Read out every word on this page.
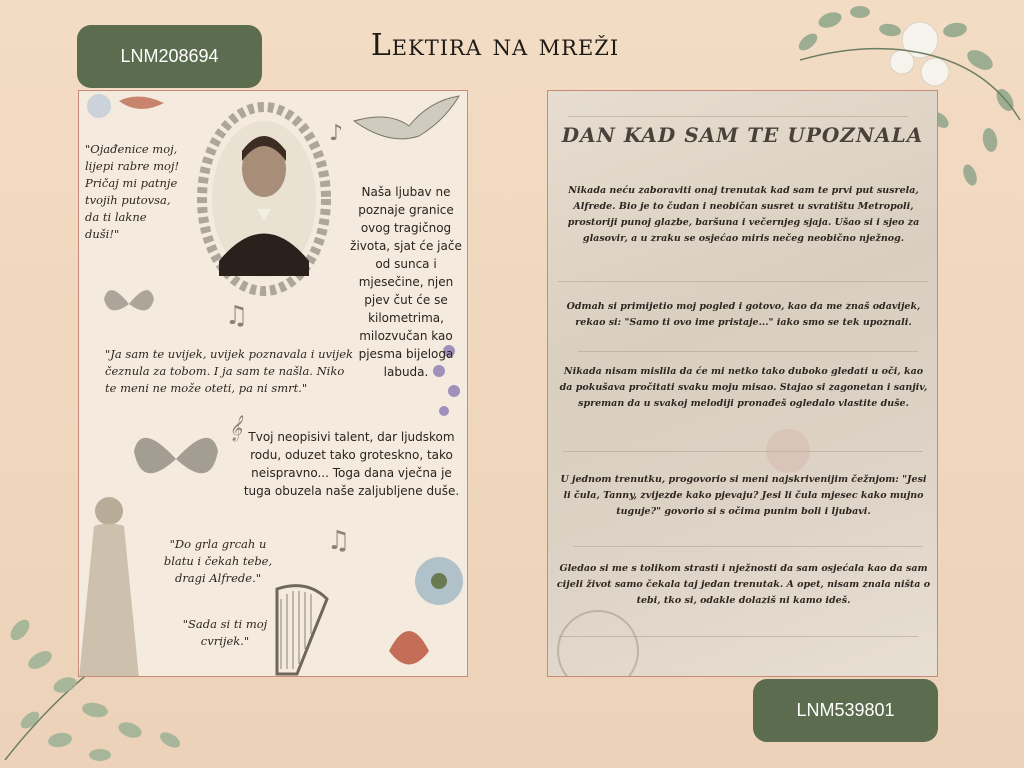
LNM208694	Lektira na mreži
♫
♪
𝄞
♫
"Ojađenice moj, lijepi rabre moj! Pričaj mi patnje tvojih putovsa, da ti lakne duši!"
Naša ljubav ne poznaje granice ovog tragičnog života, sjat će jače od sunca i mjesečine, njen pjev čut će se kilometrima, milozvučan kao pjesma bijeloga labuda.
"Ja sam te uvijek, uvijek poznavala i uvijek čeznula za tobom. I ja sam te našla. Niko te meni ne može oteti, pa ni smrt."
Tvoj neopisivi talent, dar ljudskom rodu, oduzet tako groteskno, tako neispravno... Toga dana vječna je tuga obuzela naše zaljubljene duše.
"Do grla grcah u blatu i čekah tebe, dragi Alfrede."
"Sada si ti moj cvrijek."
DAN KAD SAM TE UPOZNALA
Nikada neću zaboraviti onaj trenutak kad sam te prvi put susrela, Alfrede. Bio je to čudan i neobičan susret u svratištu Metropoli, prostoriji punoj glazbe, baršuna i večernjeg sjaja. Ušao si i sjeo za glasovir, a u zraku se osjećao miris nečeg neobično nježnog.
Odmah si primijetio moj pogled i gotovo, kao da me znaš odavijek, rekao si: "Samo ti ovo ime pristaje..." iako smo se tek upoznali.
Nikada nisam mislila da će mi netko tako duboko gledati u oči, kao da pokušava pročitati svaku moju misao. Stajao si zagonetan i sanjiv, spreman da u svakoj melodiji pronađeš ogledalo vlastite duše.
U jednom trenutku, progovorio si meni najskrivenijim čežnjom: "Jesi li čula, Tanny, zvijezde kako pjevaju? Jesi li čula mjesec kako mujno tuguje?" govorio si s očima punim boli i ljubavi.
Gledao si me s tolikom strasti i nježnosti da sam osjećala kao da sam cijeli život samo čekala taj jedan trenutak. A opet, nisam znala ništa o tebi, tko si, odakle dolaziš ni kamo ideš.
LNM539801
